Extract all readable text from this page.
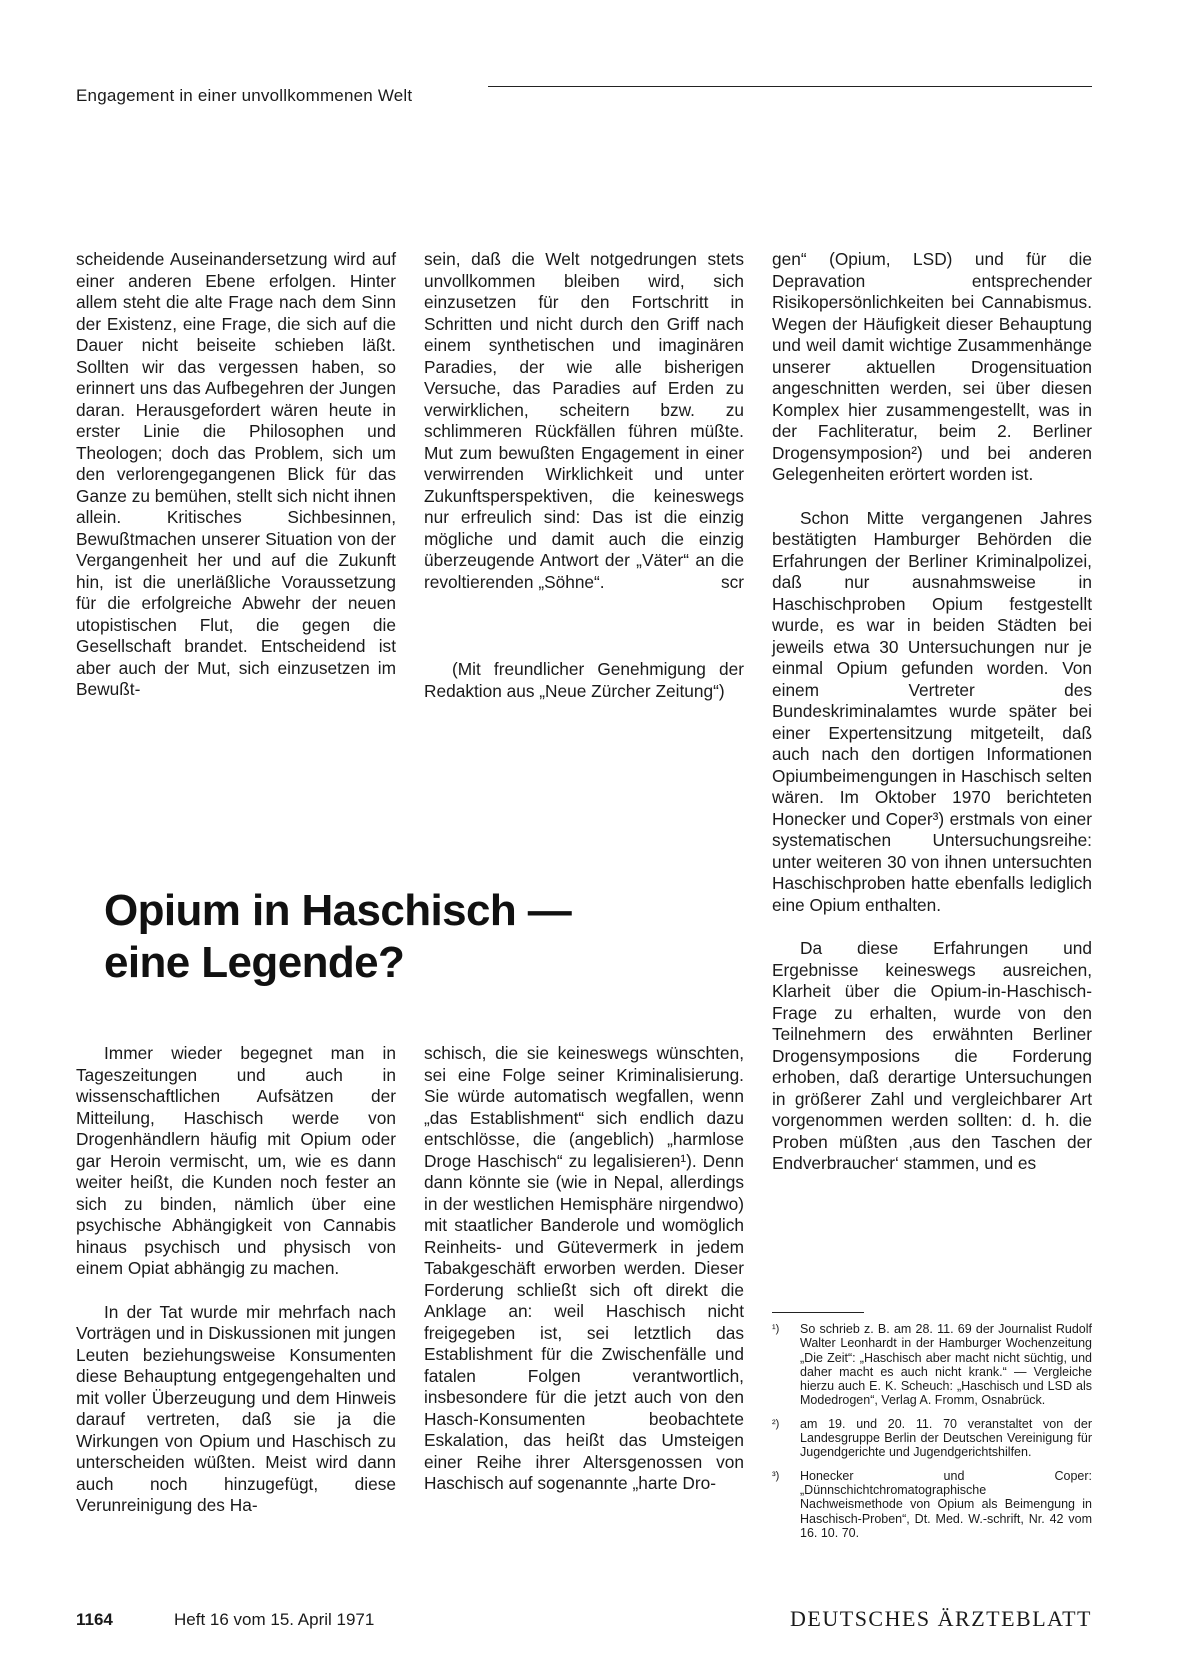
Engagement in einer unvollkommenen Welt

scheidende Auseinandersetzung wird auf einer anderen Ebene erfolgen. Hinter allem steht die alte Frage nach dem Sinn der Existenz, eine Frage, die sich auf die Dauer nicht beiseite schieben läßt. Sollten wir das vergessen haben, so erinnert uns das Aufbegehren der Jungen daran. Herausgefordert wären heute in erster Linie die Philosophen und Theologen; doch das Problem, sich um den verlorengegangenen Blick für das Ganze zu bemühen, stellt sich nicht ihnen allein. Kritisches Sichbesinnen, Bewußtmachen unserer Situation von der Vergangenheit her und auf die Zukunft hin, ist die unerläßliche Voraussetzung für die erfolgreiche Abwehr der neuen utopistischen Flut, die gegen die Gesellschaft brandet. Entscheidend ist aber auch der Mut, sich einzusetzen im Bewußt-

sein, daß die Welt notgedrungen stets unvollkommen bleiben wird, sich einzusetzen für den Fortschritt in Schritten und nicht durch den Griff nach einem synthetischen und imaginären Paradies, der wie alle bisherigen Versuche, das Paradies auf Erden zu verwirklichen, scheitern bzw. zu schlimmeren Rückfällen führen müßte. Mut zum bewußten Engagement in einer verwirrenden Wirklichkeit und unter Zukunftsperspektiven, die keineswegs nur erfreulich sind: Das ist die einzig mögliche und damit auch die einzig überzeugende Antwort der „Väter“ an die revoltierenden „Söhne“.	scr

(Mit freundlicher Genehmigung der Redaktion aus „Neue Zürcher Zeitung“)

Opium in Haschisch —
eine Legende?

Immer wieder begegnet man in Tageszeitungen und auch in wissenschaftlichen Aufsätzen der Mitteilung, Haschisch werde von Drogenhändlern häufig mit Opium oder gar Heroin vermischt, um, wie es dann weiter heißt, die Kunden noch fester an sich zu binden, nämlich über eine psychische Abhängigkeit von Cannabis hinaus psychisch und physisch von einem Opiat abhängig zu machen.

In der Tat wurde mir mehrfach nach Vorträgen und in Diskussionen mit jungen Leuten beziehungsweise Konsumenten diese Behauptung entgegengehalten und mit voller Überzeugung und dem Hinweis darauf vertreten, daß sie ja die Wirkungen von Opium und Haschisch zu unterscheiden wüßten. Meist wird dann auch noch hinzugefügt, diese Verunreinigung des Ha-

schisch, die sie keineswegs wünschten, sei eine Folge seiner Kriminalisierung. Sie würde automatisch wegfallen, wenn „das Establishment“ sich endlich dazu entschlösse, die (angeblich) „harmlose Droge Haschisch“ zu legalisieren¹). Denn dann könnte sie (wie in Nepal, allerdings in der westlichen Hemisphäre nirgendwo) mit staatlicher Banderole und womöglich Reinheits- und Gütevermerk in jedem Tabakgeschäft erworben werden. Dieser Forderung schließt sich oft direkt die Anklage an: weil Haschisch nicht freigegeben ist, sei letztlich das Establishment für die Zwischenfälle und fatalen Folgen verantwortlich, insbesondere für die jetzt auch von den Hasch-Konsumenten beobachtete Eskalation, das heißt das Umsteigen einer Reihe ihrer Altersgenossen von Haschisch auf sogenannte „harte Dro-

gen“ (Opium, LSD) und für die Depravation entsprechender Risikopersönlichkeiten bei Cannabismus. Wegen der Häufigkeit dieser Behauptung und weil damit wichtige Zusammenhänge unserer aktuellen Drogensituation angeschnitten werden, sei über diesen Komplex hier zusammengestellt, was in der Fachliteratur, beim 2. Berliner Drogensymposion²) und bei anderen Gelegenheiten erörtert worden ist.

Schon Mitte vergangenen Jahres bestätigten Hamburger Behörden die Erfahrungen der Berliner Kriminalpolizei, daß nur ausnahmsweise in Haschischproben Opium festgestellt wurde, es war in beiden Städten bei jeweils etwa 30 Untersuchungen nur je einmal Opium gefunden worden. Von einem Vertreter des Bundeskriminalamtes wurde später bei einer Expertensitzung mitgeteilt, daß auch nach den dortigen Informationen Opiumbeimengungen in Haschisch selten wären. Im Oktober 1970 berichteten Honecker und Coper³) erstmals von einer systematischen Untersuchungsreihe: unter weiteren 30 von ihnen untersuchten Haschischproben hatte ebenfalls lediglich eine Opium enthalten.

Da diese Erfahrungen und Ergebnisse keineswegs ausreichen, Klarheit über die Opium-in-Haschisch-Frage zu erhalten, wurde von den Teilnehmern des erwähnten Berliner Drogensymposions die Forderung erhoben, daß derartige Untersuchungen in größerer Zahl und vergleichbarer Art vorgenommen werden sollten: d. h. die Proben müßten ‚aus den Taschen der Endverbraucher‘ stammen, und es

¹)	So schrieb z. B. am 28. 11. 69 der Journalist Rudolf Walter Leonhardt in der Hamburger Wochenzeitung „Die Zeit“: „Haschisch aber macht nicht süchtig, und daher macht es auch nicht krank.“ — Vergleiche hierzu auch E. K. Scheuch: „Haschisch und LSD als Modedrogen“, Verlag A. Fromm, Osnabrück.
²)	am 19. und 20. 11. 70 veranstaltet von der Landesgruppe Berlin der Deutschen Vereinigung für Jugendgerichte und Jugendgerichtshilfen.
³)	Honecker und Coper: „Dünnschichtchromatographische Nachweismethode von Opium als Beimengung in Haschisch-Proben“, Dt. Med. W.-schrift, Nr. 42 vom 16. 10. 70.
1164	Heft 16 vom 15. April 1971	DEUTSCHES ÄRZTEBLATT
